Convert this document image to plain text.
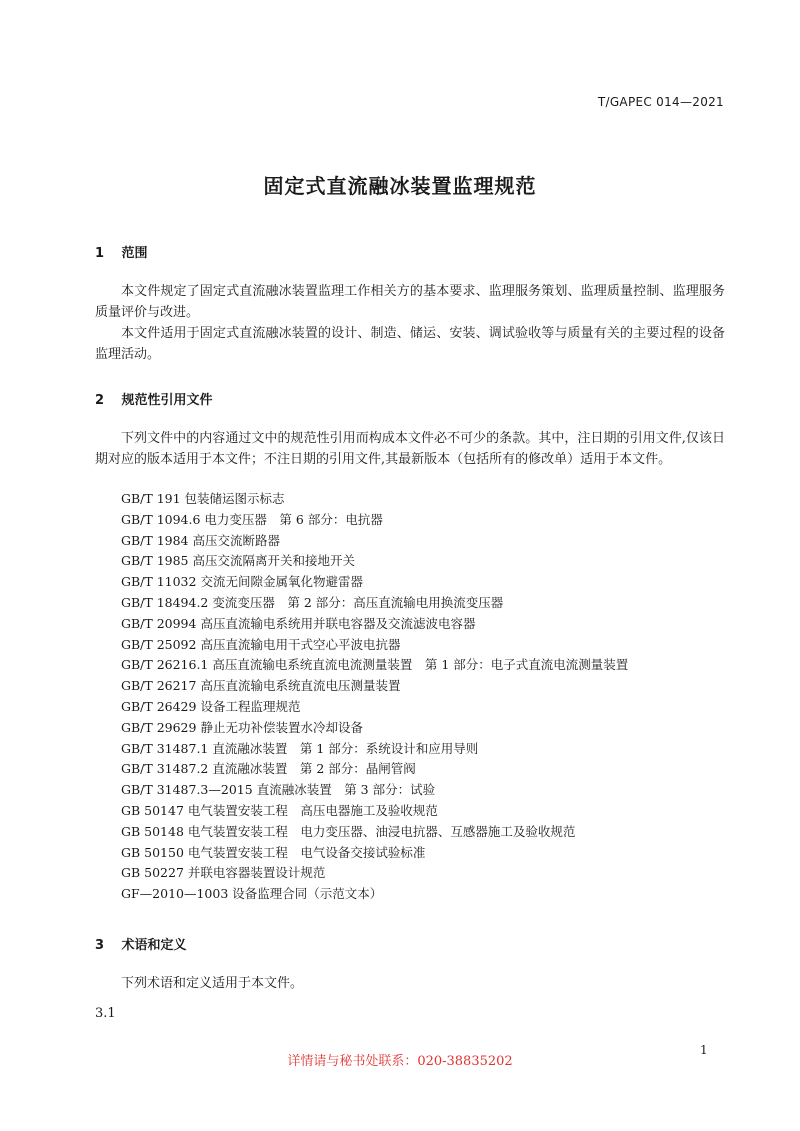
T/GAPEC 014—2021
固定式直流融冰装置监理规范
1 范围

本文件规定了固定式直流融冰装置监理工作相关方的基本要求、监理服务策划、监理质量控制、监理服务质量评价与改进。

本文件适用于固定式直流融冰装置的设计、制造、储运、安装、调试验收等与质量有关的主要过程的设备监理活动。

2 规范性引用文件

下列文件中的内容通过文中的规范性引用而构成本文件必不可少的条款。其中，注日期的引用文件,仅该日期对应的版本适用于本文件；不注日期的引用文件,其最新版本（包括所有的修改单）适用于本文件。

GB/T 191 包装储运图示标志
GB/T 1094.6 电力变压器　第 6 部分：电抗器
GB/T 1984 高压交流断路器
GB/T 1985 高压交流隔离开关和接地开关
GB/T 11032 交流无间隙金属氧化物避雷器
GB/T 18494.2 变流变压器　第 2 部分：高压直流输电用换流变压器
GB/T 20994 高压直流输电系统用并联电容器及交流滤波电容器
GB/T 25092 高压直流输电用干式空心平波电抗器
GB/T 26216.1 高压直流输电系统直流电流测量装置　第 1 部分：电子式直流电流测量装置
GB/T 26217 高压直流输电系统直流电压测量装置
GB/T 26429 设备工程监理规范
GB/T 29629 静止无功补偿装置水冷却设备
GB/T 31487.1 直流融冰装置　第 1 部分：系统设计和应用导则
GB/T 31487.2 直流融冰装置　第 2 部分：晶闸管阀
GB/T 31487.3—2015 直流融冰装置　第 3 部分：试验
GB 50147 电气装置安装工程　高压电器施工及验收规范
GB 50148 电气装置安装工程　电力变压器、油浸电抗器、互感器施工及验收规范
GB 50150 电气装置安装工程　电气设备交接试验标准
GB 50227 并联电容器装置设计规范
GF—2010—1003 设备监理合同（示范文本）
3 术语和定义

下列术语和定义适用于本文件。

3.1
1
详情请与秘书处联系：020-38835202
